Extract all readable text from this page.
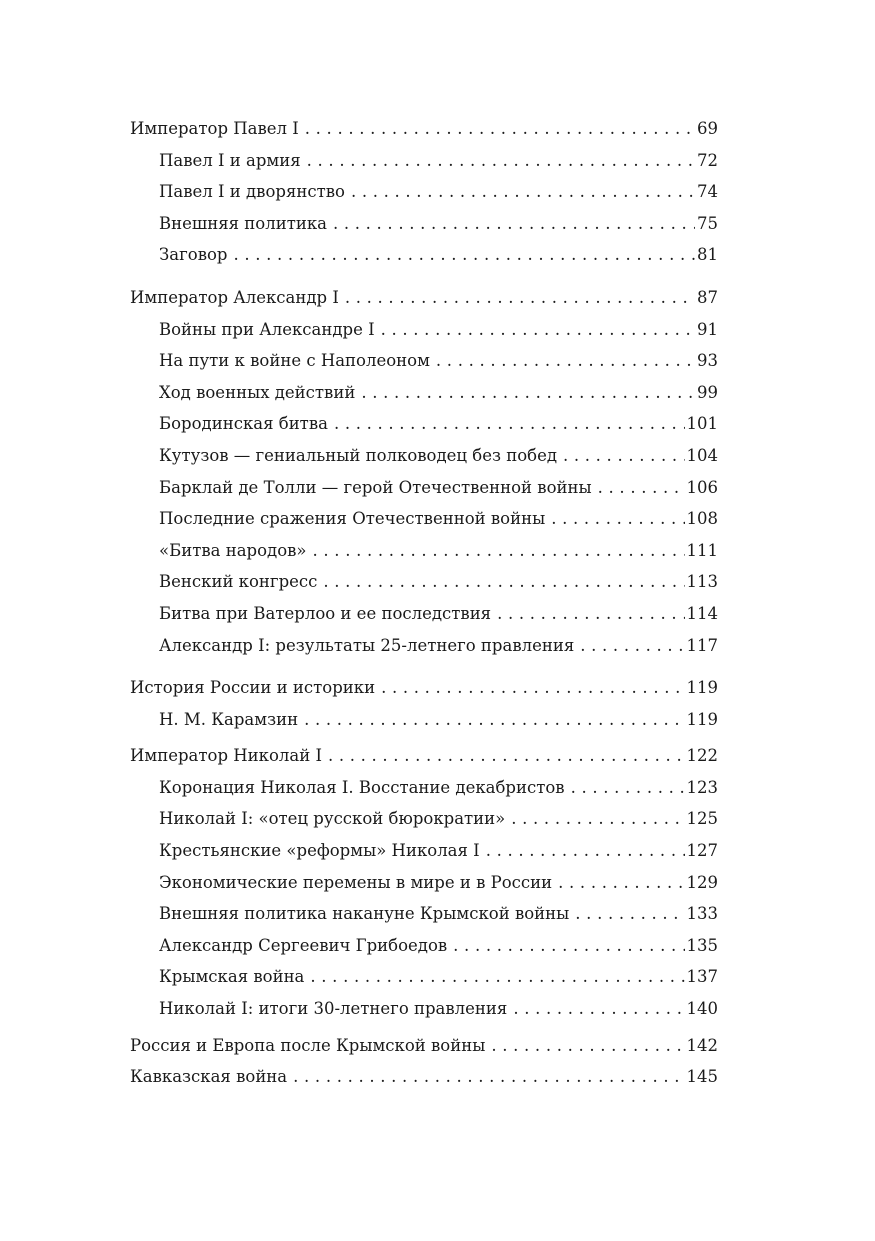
Император Павел I . . .	69
Павел I и армия . . .	72
Павел I и дворянство . . .	74
Внешняя политика . . .	75
Заговор . . .	81
Император Александр I . . .	87
Войны при Александре I . . .	91
На пути к войне с Наполеоном . . .	93
Ход военных действий . . .	99
Бородинская битва . . .	101
Кутузов — гениальный полководец без побед . . .	104
Барклай де Толли — герой Отечественной войны . . .	106
Последние сражения Отечественной войны . . .	108
«Битва народов» . . .	111
Венский конгресс . . .	113
Битва при Ватерлоо и ее последствия . . .	114
Александр I: результаты 25-летнего правления . . .	117
История России и историки . . .	119
Н. М. Карамзин . . .	119
Император Николай I . . .	122
Коронация Николая I. Восстание декабристов . . .	123
Николай I: «отец русской бюрократии» . . .	125
Крестьянские «реформы» Николая I . . .	127
Экономические перемены в мире и в России . . .	129
Внешняя политика накануне Крымской войны . . .	133
Александр Сергеевич Грибоедов . . .	135
Крымская война . . .	137
Николай I: итоги 30-летнего правления . . .	140
Россия и Европа после Крымской войны . . .	142
Кавказская война . . .	145
